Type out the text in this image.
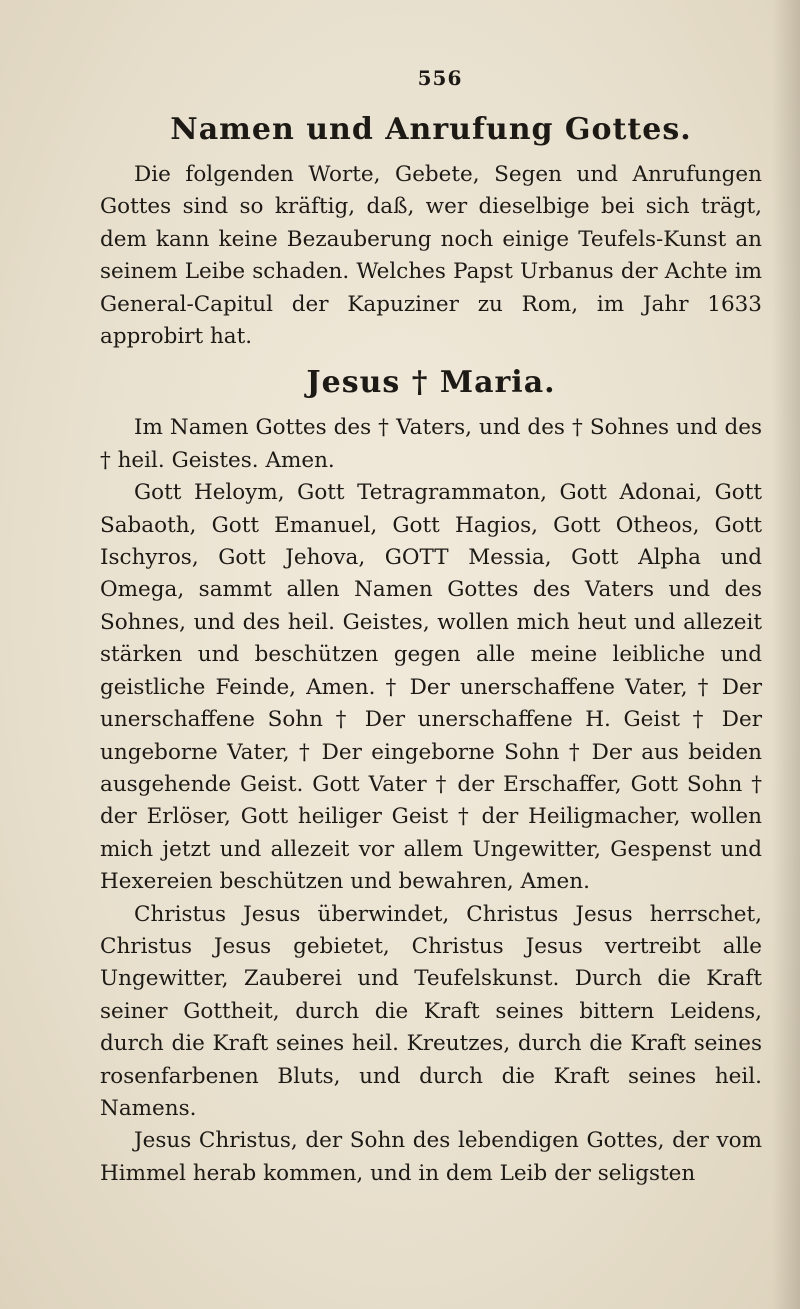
556
Namen und Anrufung Gottes.

Die folgenden Worte, Gebete, Segen und Anrufungen Gottes sind so kräftig, daß, wer dieselbige bei sich trägt, dem kann keine Bezauberung noch einige Teufels-Kunst an seinem Leibe schaden. Welches Papst Urbanus der Achte im General-Capitul der Kapuziner zu Rom, im Jahr 1633 approbirt hat.

Jesus † Maria.

Im Namen Gottes des † Vaters, und des † Sohnes und des † heil. Geistes. Amen.

Gott Heloym, Gott Tetragrammaton, Gott Adonai, Gott Sabaoth, Gott Emanuel, Gott Hagios, Gott Otheos, Gott Ischyros, Gott Jehova, GOTT Messia, Gott Alpha und Omega, sammt allen Namen Gottes des Vaters und des Sohnes, und des heil. Geistes, wollen mich heut und allezeit stärken und beschützen gegen alle meine leibliche und geistliche Feinde, Amen. † Der unerschaffene Vater, † Der unerschaffene Sohn † Der unerschaffene H. Geist † Der ungeborne Vater, † Der eingeborne Sohn † Der aus beiden ausgehende Geist. Gott Vater † der Erschaffer, Gott Sohn † der Erlöser, Gott heiliger Geist † der Heiligmacher, wollen mich jetzt und allezeit vor allem Ungewitter, Gespenst und Hexereien beschützen und bewahren, Amen.

Christus Jesus überwindet, Christus Jesus herrschet, Christus Jesus gebietet, Christus Jesus vertreibt alle Ungewitter, Zauberei und Teufelskunst. Durch die Kraft seiner Gottheit, durch die Kraft seines bittern Leidens, durch die Kraft seines heil. Kreutzes, durch die Kraft seines rosenfarbenen Bluts, und durch die Kraft seines heil. Namens.

Jesus Christus, der Sohn des lebendigen Gottes, der vom Himmel herab kommen, und in dem Leib der seligsten
